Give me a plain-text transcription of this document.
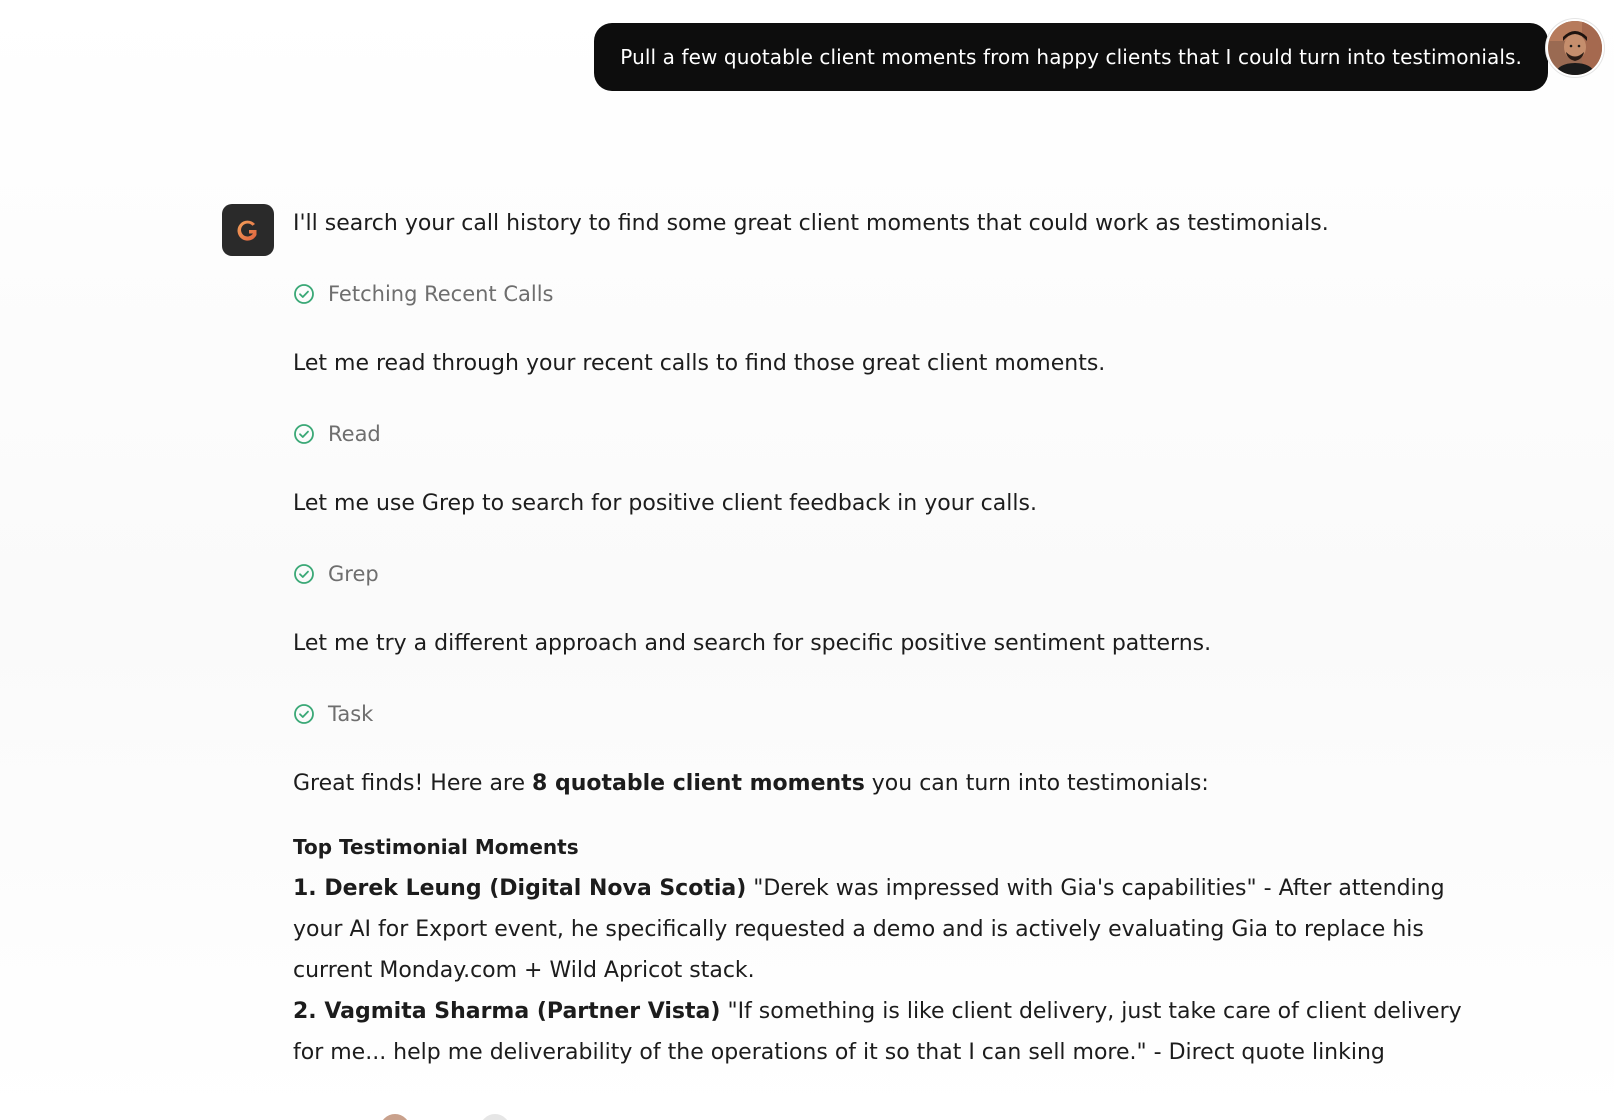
Pull a few quotable client moments from happy clients that I could turn into testimonials.

I'll search your call history to find some great client moments that could work as testimonials.

Fetching Recent Calls

Let me read through your recent calls to find those great client moments.

Read

Let me use Grep to search for positive client feedback in your calls.

Grep

Let me try a different approach and search for specific positive sentiment patterns.

Task

Great finds! Here are 8 quotable client moments you can turn into testimonials:

Top Testimonial Moments

1. Derek Leung (Digital Nova Scotia) "Derek was impressed with Gia's capabilities" - After attending your AI for Export event, he specifically requested a demo and is actively evaluating Gia to replace his current Monday.com + Wild Apricot stack.

2. Vagmita Sharma (Partner Vista) "If something is like client delivery, just take care of client delivery for me... help me deliverability of the operations of it so that I can sell more." - Direct quote linking
